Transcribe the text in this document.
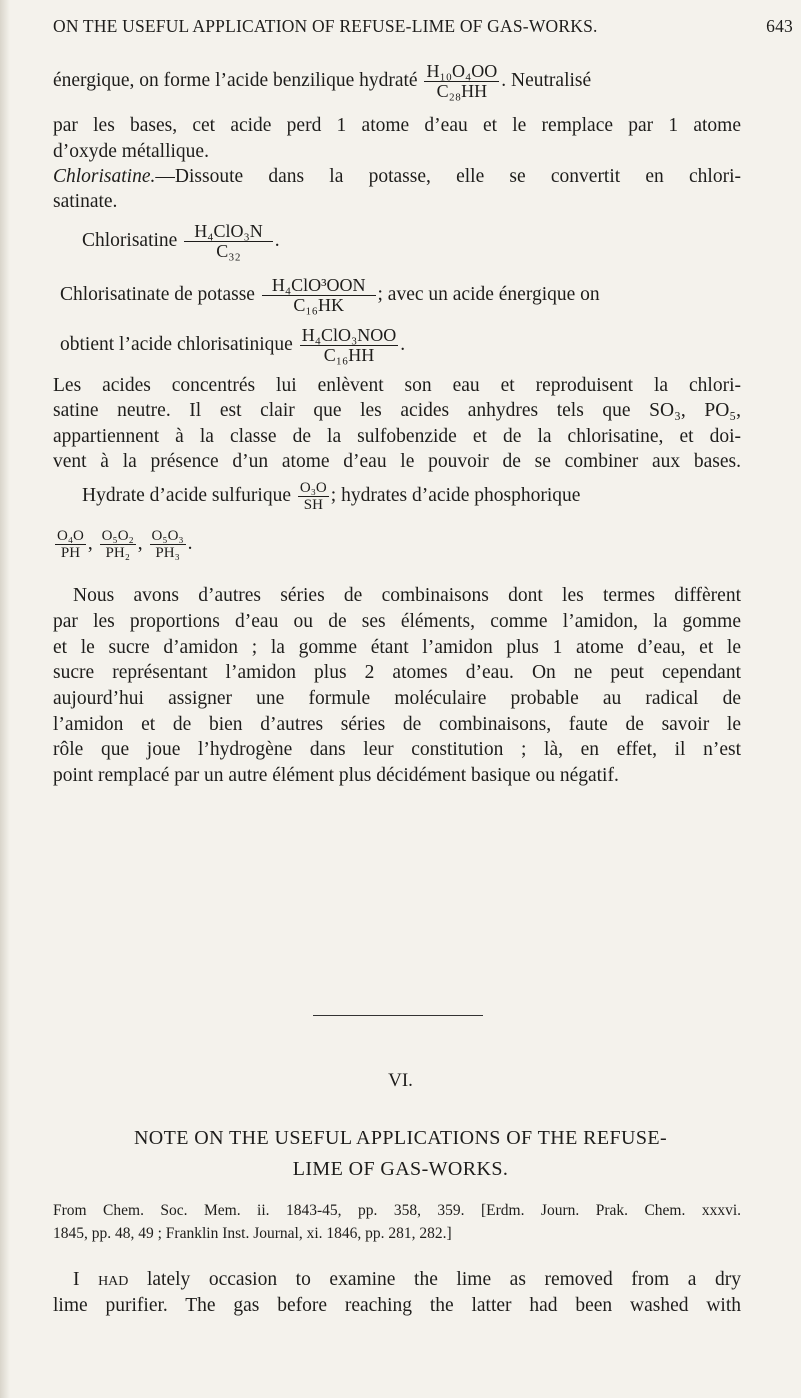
ON THE USEFUL APPLICATION OF REFUSE-LIME OF GAS-WORKS.	643
énergique, on forme l’acide benzilique hydraté $\frac{\text{H₁₀O₄OO}}{\text{C₂₈HH}}$ . Neutralisé
par les bases, cet acide perd 1 atome d’eau et le remplace par 1 atome
d’oxyde métallique.
Chlorisatine.—Dissoute dans la potasse, elle se convertit en chlori-
satinate.
Chlorisatine $\frac{\text{H₄ClO₃N}}{\text{C₃₂}}$ .
Chlorisatinate de potasse $\frac{\text{H₄ClO³OON}}{\text{C₁₆HK}}$ ; avec un acide énergique on
obtient l’acide chlorisatinique $\frac{\text{H₄ClO₃NOO}}{\text{C₁₆HH}}$ .
Les acides concentrés lui enlèvent son eau et reproduisent la chlori-
satine neutre. Il est clair que les acides anhydres tels que SO₃, PO₅,
appartiennent à la classe de la sulfobenzide et de la chlorisatine, et doi-
vent à la présence d’un atome d’eau le pouvoir de se combiner aux bases.
Hydrate d’acide sulfurique $\frac{\text{O₃O}}{SH}$ ; hydrates d’acide phosphorique
$\frac{\text{O₄O}}{PH}$ , $\frac{\text{O₅O₂}}{\text{PH₂}}$ , $\frac{\text{O₅O₃}}{\text{PH₃}}$ .
Nous avons d’autres séries de combinaisons dont les termes diffèrent
par les proportions d’eau ou de ses éléments, comme l’amidon, la gomme
et le sucre d’amidon ; la gomme étant l’amidon plus 1 atome d’eau, et le
sucre représentant l’amidon plus 2 atomes d’eau. On ne peut cependant
aujourd’hui assigner une formule moléculaire probable au radical de
l’amidon et de bien d’autres séries de combinaisons, faute de savoir le
rôle que joue l’hydrogène dans leur constitution ; là, en effet, il n’est
point remplacé par un autre élément plus décidément basique ou négatif.
VI.
NOTE ON THE USEFUL APPLICATIONS OF THE REFUSE-
LIME OF GAS-WORKS.
From Chem. Soc. Mem. ii. 1843-45, pp. 358, 359. [Erdm. Journ. Prak. Chem. xxxvi.
1845, pp. 48, 49 ; Franklin Inst. Journal, xi. 1846, pp. 281, 282.]
I had lately occasion to examine the lime as removed from a dry
lime purifier. The gas before reaching the latter had been washed with
